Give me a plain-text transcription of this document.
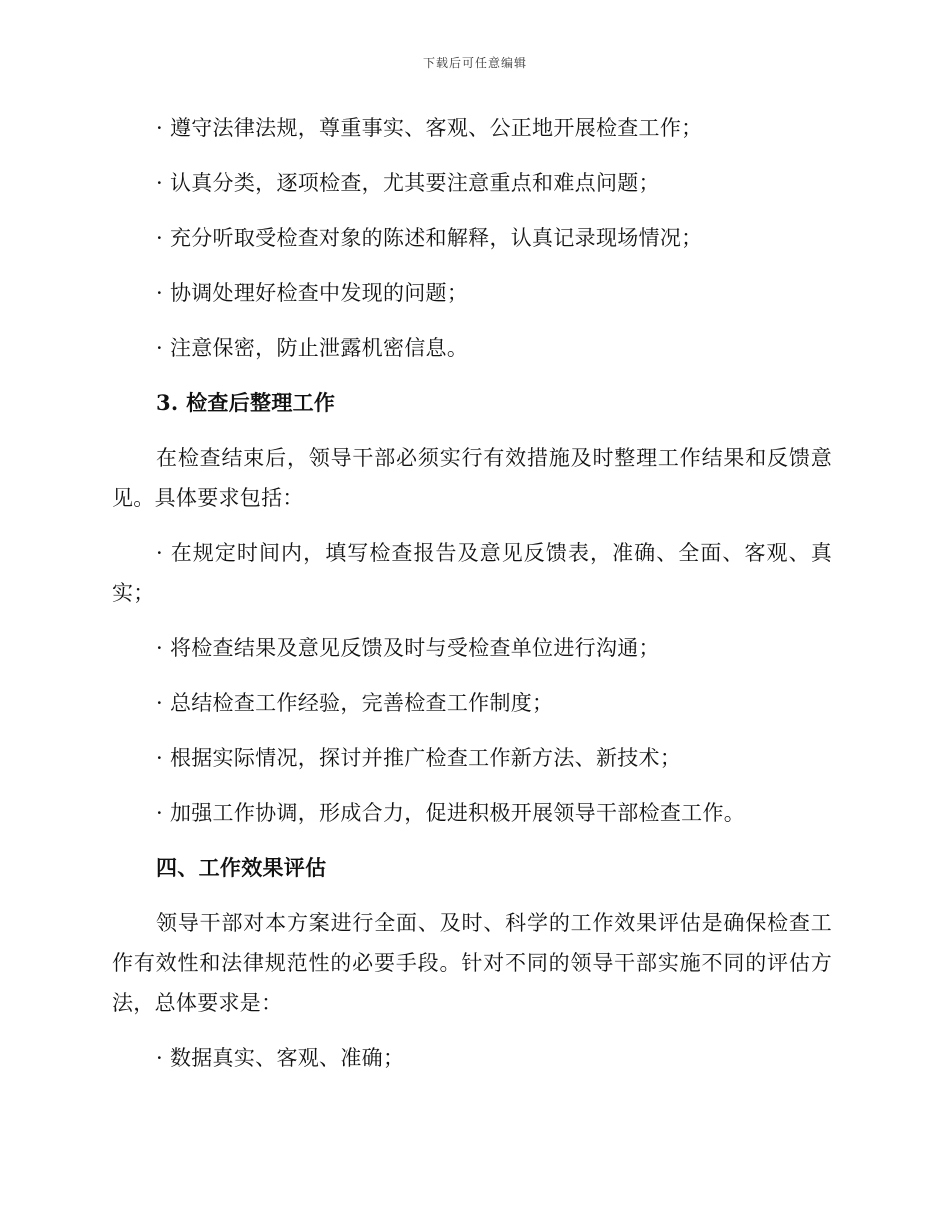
下载后可任意编辑

· 遵守法律法规，尊重事实、客观、公正地开展检查工作；

· 认真分类，逐项检查，尤其要注意重点和难点问题；

· 充分听取受检查对象的陈述和解释，认真记录现场情况；

· 协调处理好检查中发现的问题；

· 注意保密，防止泄露机密信息。

3. 检查后整理工作

在检查结束后，领导干部必须实行有效措施及时整理工作结果和反馈意见。具体要求包括：

· 在规定时间内，填写检查报告及意见反馈表，准确、全面、客观、真实；

· 将检查结果及意见反馈及时与受检查单位进行沟通；

· 总结检查工作经验，完善检查工作制度；

· 根据实际情况，探讨并推广检查工作新方法、新技术；

· 加强工作协调，形成合力，促进积极开展领导干部检查工作。

四、工作效果评估

领导干部对本方案进行全面、及时、科学的工作效果评估是确保检查工作有效性和法律规范性的必要手段。针对不同的领导干部实施不同的评估方法，总体要求是：

· 数据真实、客观、准确；
